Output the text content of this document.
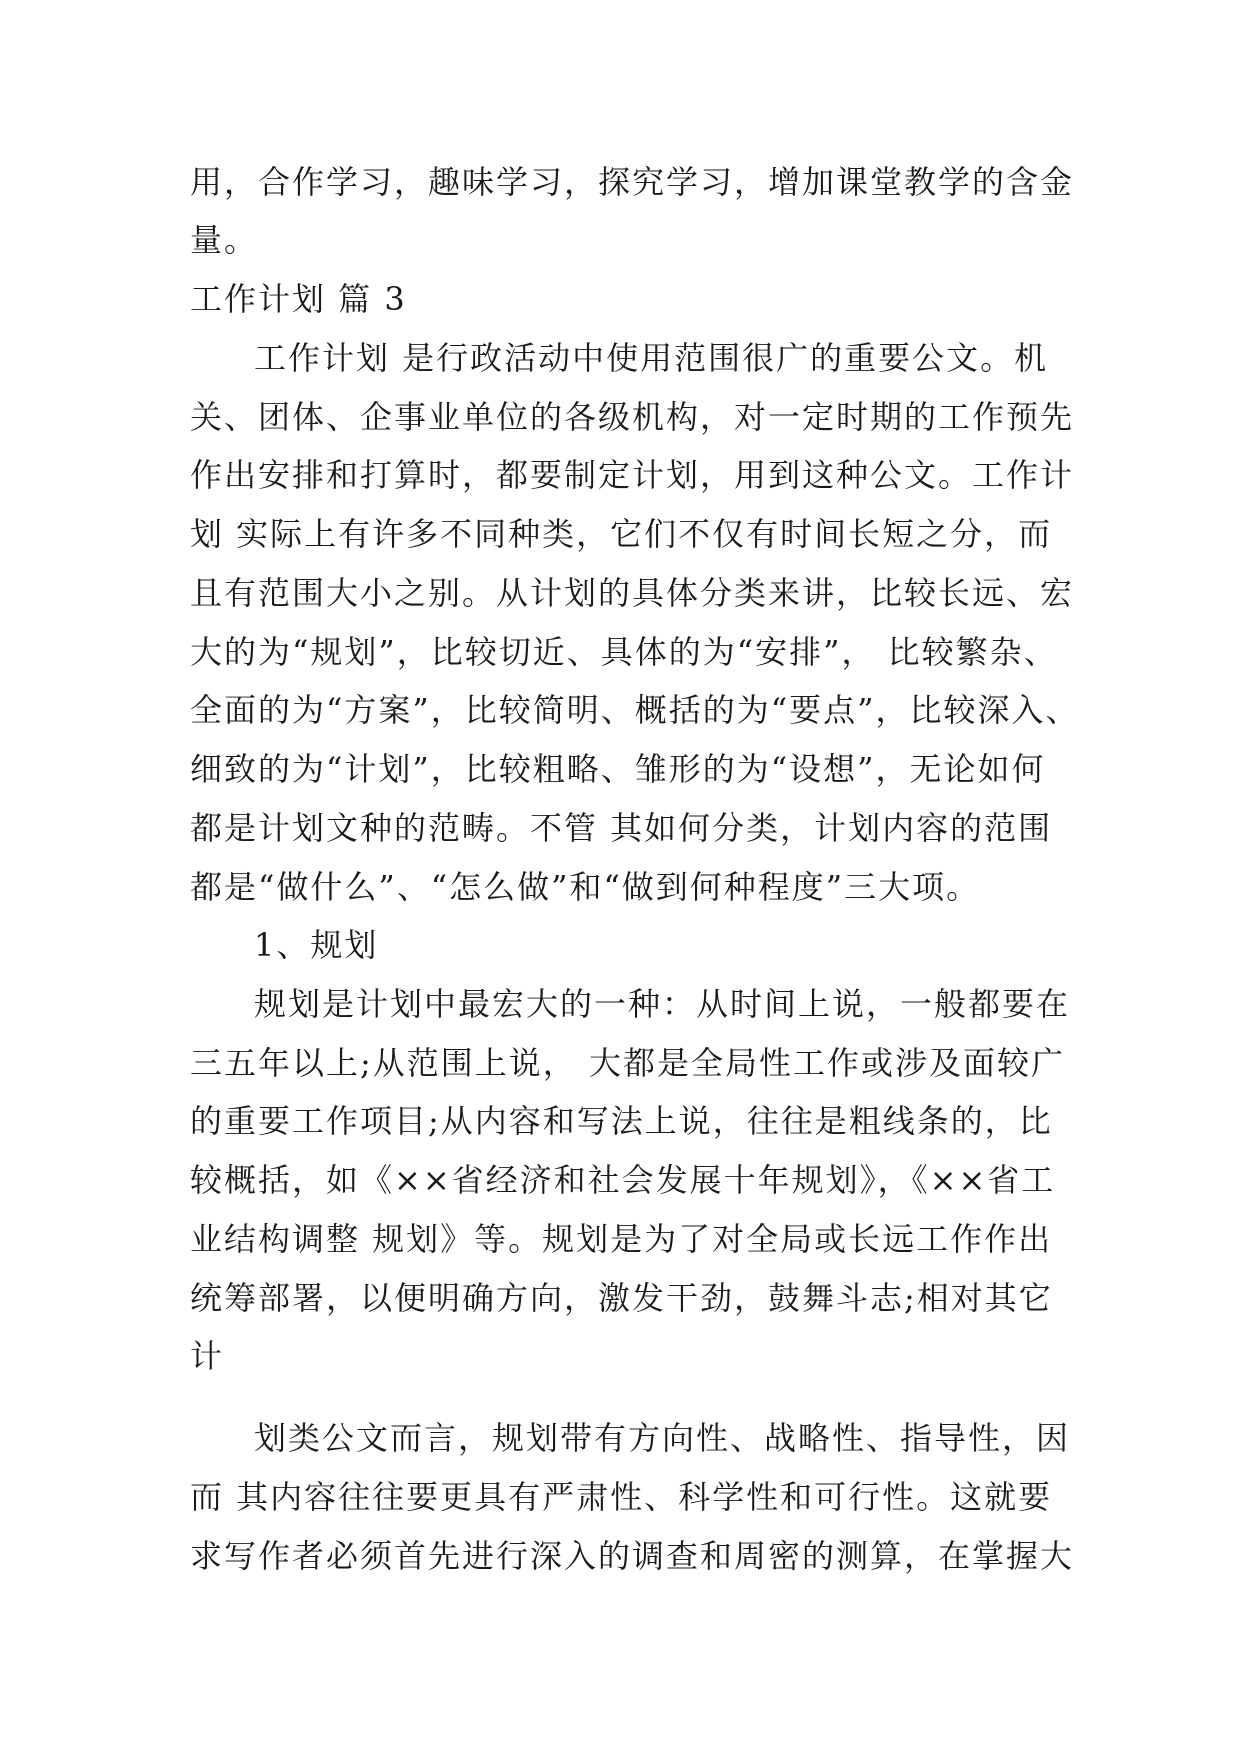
用，合作学习，趣味学习，探究学习，增加课堂教学的含金
量。
工作计划 篇 3
工作计划 是行政活动中使用范围很广的重要公文。机
关、团体、企事业单位的各级机构，对一定时期的工作预先
作出安排和打算时，都要制定计划，用到这种公文。工作计
划 实际上有许多不同种类，它们不仅有时间长短之分，而
且有范围大小之别。从计划的具体分类来讲，比较长远、宏
大的为“规划”，比较切近、具体的为“安排”， 比较繁杂、
全面的为“方案”，比较简明、概括的为“要点”，比较深入、
细致的为“计划”，比较粗略、雏形的为“设想”，无论如何
都是计划文种的范畴。不管 其如何分类，计划内容的范围
都是“做什么”、“怎么做”和“做到何种程度”三大项。
1、规划
规划是计划中最宏大的一种：从时间上说，一般都要在
三五年以上;从范围上说， 大都是全局性工作或涉及面较广
的重要工作项目;从内容和写法上说，往往是粗线条的，比
较概括，如《××省经济和社会发展十年规划》，《××省工
业结构调整 规划》等。规划是为了对全局或长远工作作出
统筹部署，以便明确方向，激发干劲，鼓舞斗志;相对其它
计
划类公文而言，规划带有方向性、战略性、指导性，因
而 其内容往往要更具有严肃性、科学性和可行性。这就要
求写作者必须首先进行深入的调查和周密的测算，在掌握大
